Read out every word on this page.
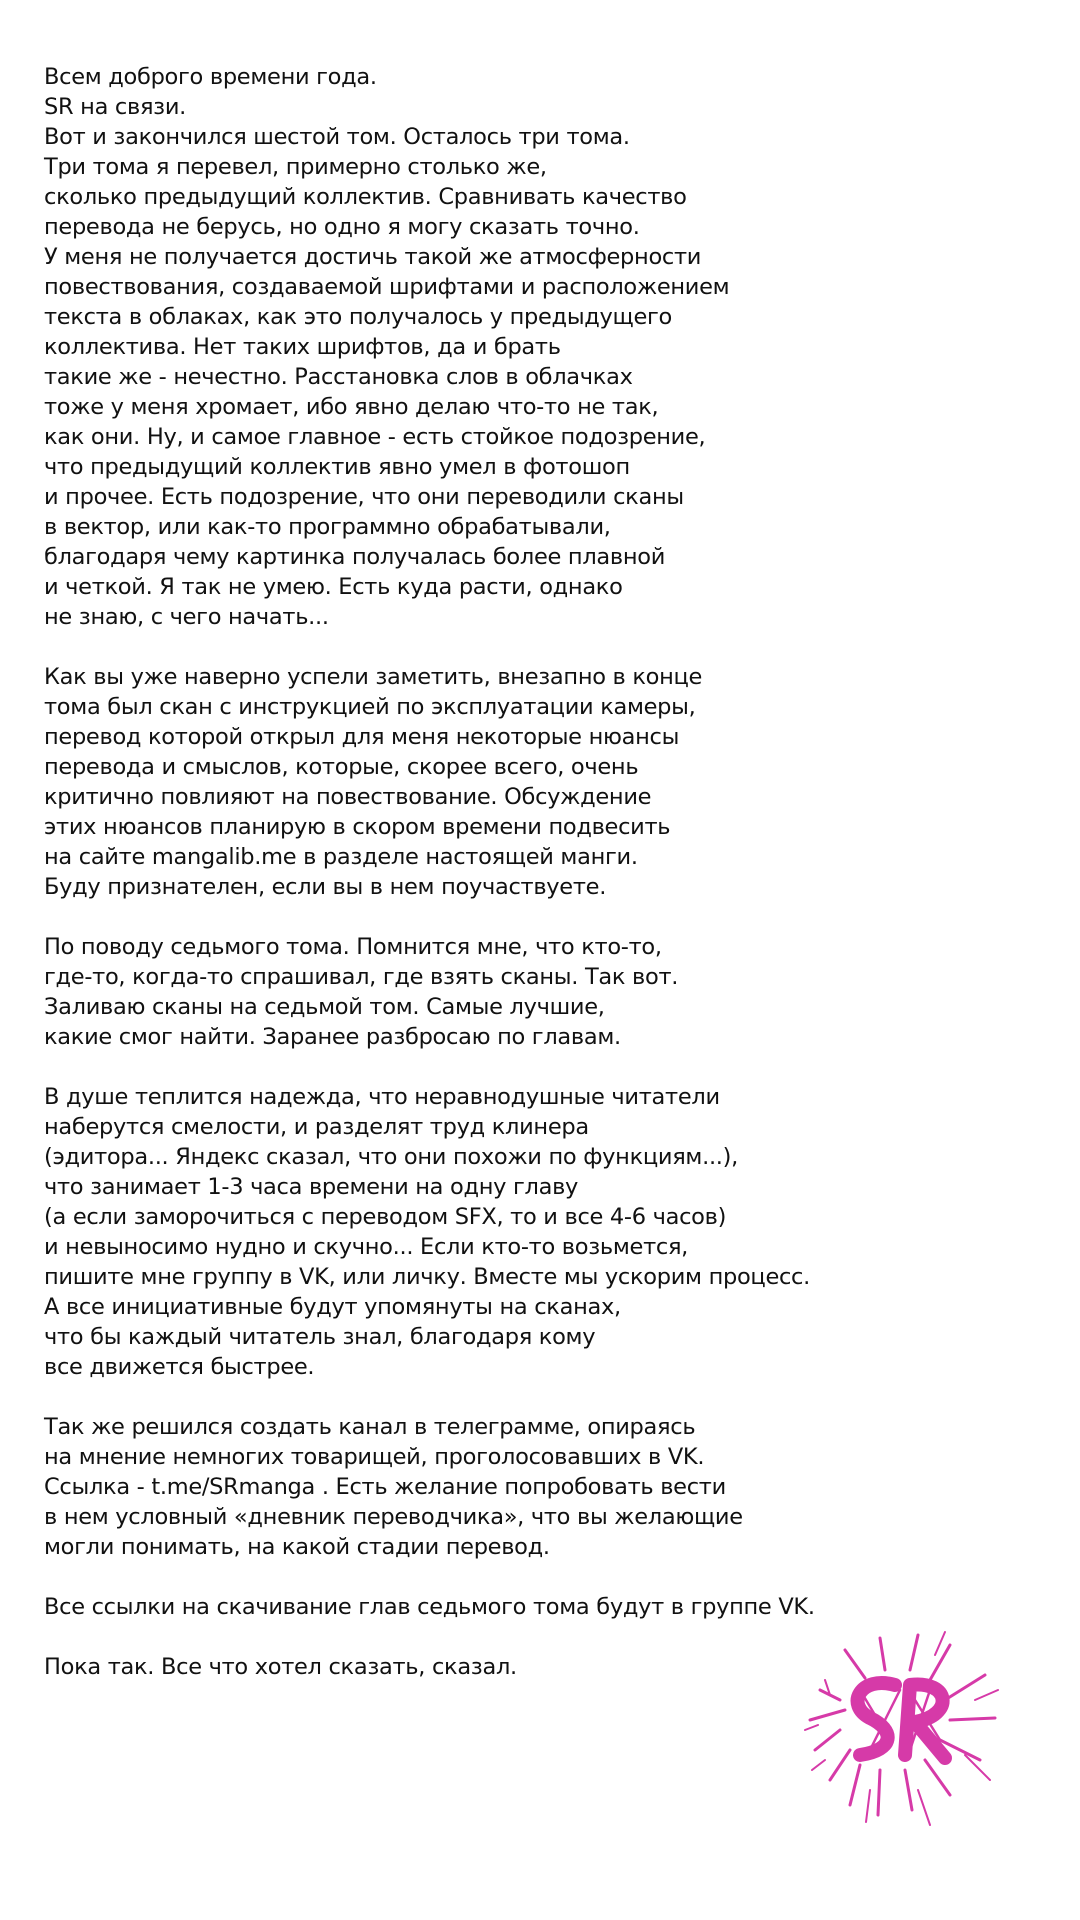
Всем доброго времени года.
SR на связи.
Вот и закончился шестой том. Осталось три тома.
Три тома я перевел, примерно столько же,
сколько предыдущий коллектив. Сравнивать качество
перевода не берусь, но одно я могу сказать точно.
У меня не получается достичь такой же атмосферности
повествования, создаваемой шрифтами и расположением
текста в облаках, как это получалось у предыдущего
коллектива. Нет таких шрифтов, да и брать
такие же - нечестно. Расстановка слов в облачках
тоже у меня хромает, ибо явно делаю что-то не так,
как они. Ну, и самое главное - есть стойкое подозрение,
что предыдущий коллектив явно умел в фотошоп
и прочее. Есть подозрение, что они переводили сканы
в вектор, или как-то программно обрабатывали,
благодаря чему картинка получалась более плавной
и четкой. Я так не умею. Есть куда расти, однако
не знаю, с чего начать...
Как вы уже наверно успели заметить, внезапно в конце
тома был скан с инструкцией по эксплуатации камеры,
перевод которой открыл для меня некоторые нюансы
перевода и смыслов, которые, скорее всего, очень
критично повлияют на повествование. Обсуждение
этих нюансов планирую в скором времени подвесить
на сайте mangalib.me в разделе настоящей манги.
Буду признателен, если вы в нем поучаствуете.
По поводу седьмого тома. Помнится мне, что кто-то,
где-то, когда-то спрашивал, где взять сканы. Так вот.
Заливаю сканы на седьмой том. Самые лучшие,
какие смог найти. Заранее разбросаю по главам.
В душе теплится надежда, что неравнодушные читатели
наберутся смелости, и разделят труд клинера
(эдитора... Яндекс сказал, что они похожи по функциям...),
что занимает 1-3 часа времени на одну главу
(а если заморочиться с переводом SFX, то и все 4-6 часов)
и невыносимо нудно и скучно... Если кто-то возьмется,
пишите мне группу в VK, или личку. Вместе мы ускорим процесс.
А все инициативные будут упомянуты на сканах,
что бы каждый читатель знал, благодаря кому
все движется быстрее.
Так же решился создать канал в телеграмме, опираясь
на мнение немногих товарищей, проголосовавших в VK.
Ссылка - t.me/SRmanga . Есть желание попробовать вести
в нем условный «дневник переводчика», что вы желающие
могли понимать, на какой стадии перевод.
Все ссылки на скачивание глав седьмого тома будут в группе VK.
Пока так. Все что хотел сказать, сказал.
